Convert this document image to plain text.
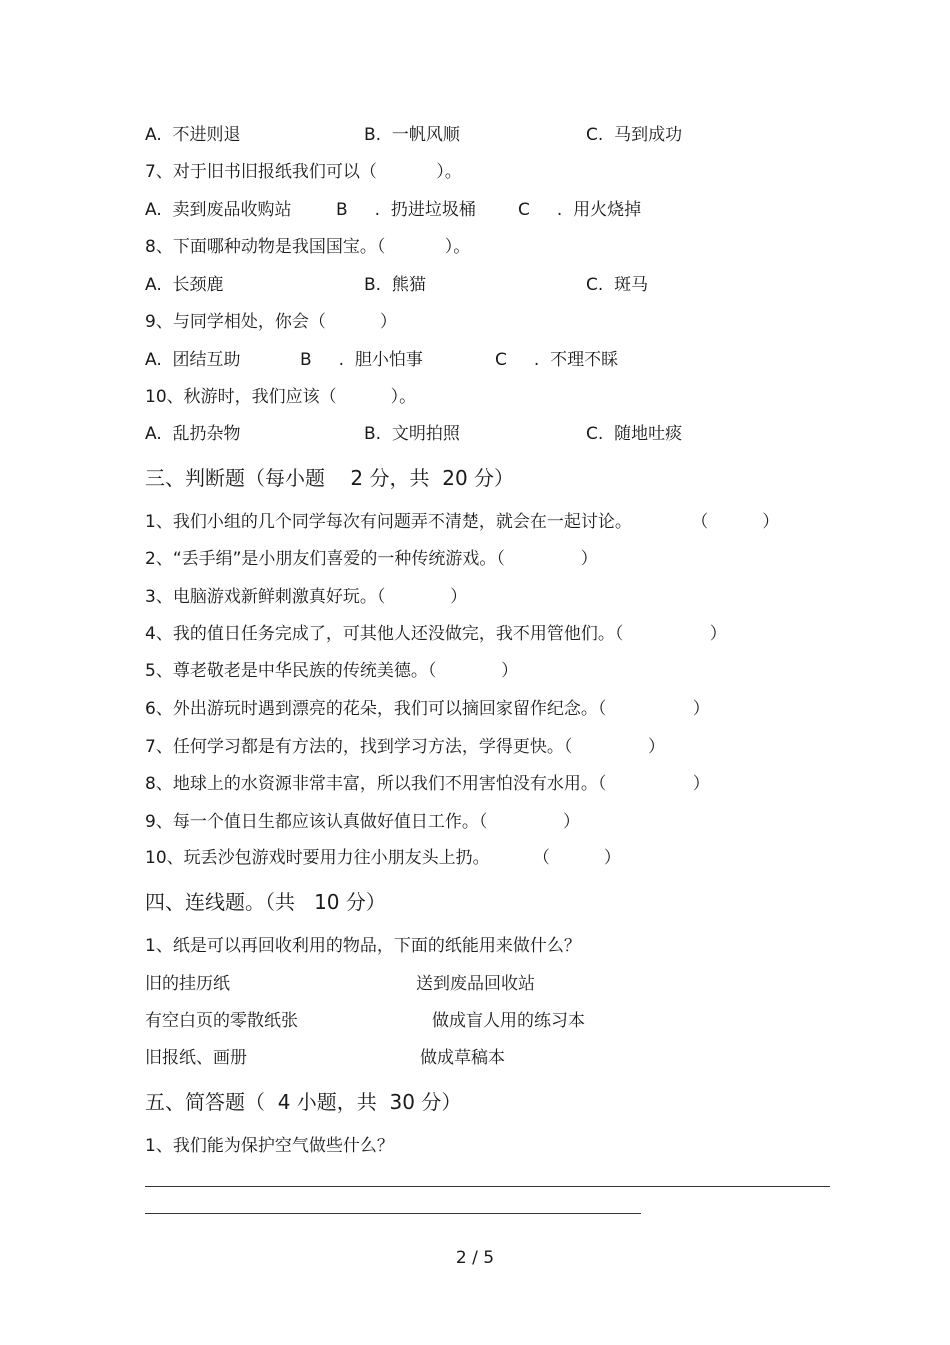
A.  不进则退	B.  一帆风顺	C.  马到成功
7、对于旧书旧报纸我们可以（           ）。
A.  卖到废品收购站	B     .  扔进垃圾桶 C     .  用火烧掉
8、下面哪种动物是我国国宝。（           ）。
A.  长颈鹿	B.  熊猫	C.  斑马
9、与同学相处，你会（          ）
A.  团结互助	B     .  胆小怕事	C     .  不理不睬
10、秋游时，我们应该（          ）。
A.  乱扔杂物	B.  文明拍照	C.  随地吐痰
三、判断题（每小题    2 分，共  20 分）
1、我们小组的几个同学每次有问题弄不清楚，就会在一起讨论。           （          ）
2、“丢手绢”是小朋友们喜爱的一种传统游戏。（              ）
3、电脑游戏新鲜刺激真好玩。（            ）
4、我的值日任务完成了，可其他人还没做完，我不用管他们。（                ）
5、尊老敬老是中华民族的传统美德。（            ）
6、外出游玩时遇到漂亮的花朵，我们可以摘回家留作纪念。（                ）
7、任何学习都是有方法的，找到学习方法，学得更快。（              ）
8、地球上的水资源非常丰富，所以我们不用害怕没有水用。（                ）
9、每一个值日生都应该认真做好值日工作。（              ）
10、玩丢沙包游戏时要用力往小朋友头上扔。        （          ）
四、连线题。（共   10 分）
1、纸是可以再回收利用的物品，下面的纸能用来做什么？
旧的挂历纸	送到废品回收站
有空白页的零散纸张	做成盲人用的练习本
旧报纸、画册	做成草稿本
五、简答题（  4 小题，共  30 分）
1、我们能为保护空气做些什么？
2 / 5
